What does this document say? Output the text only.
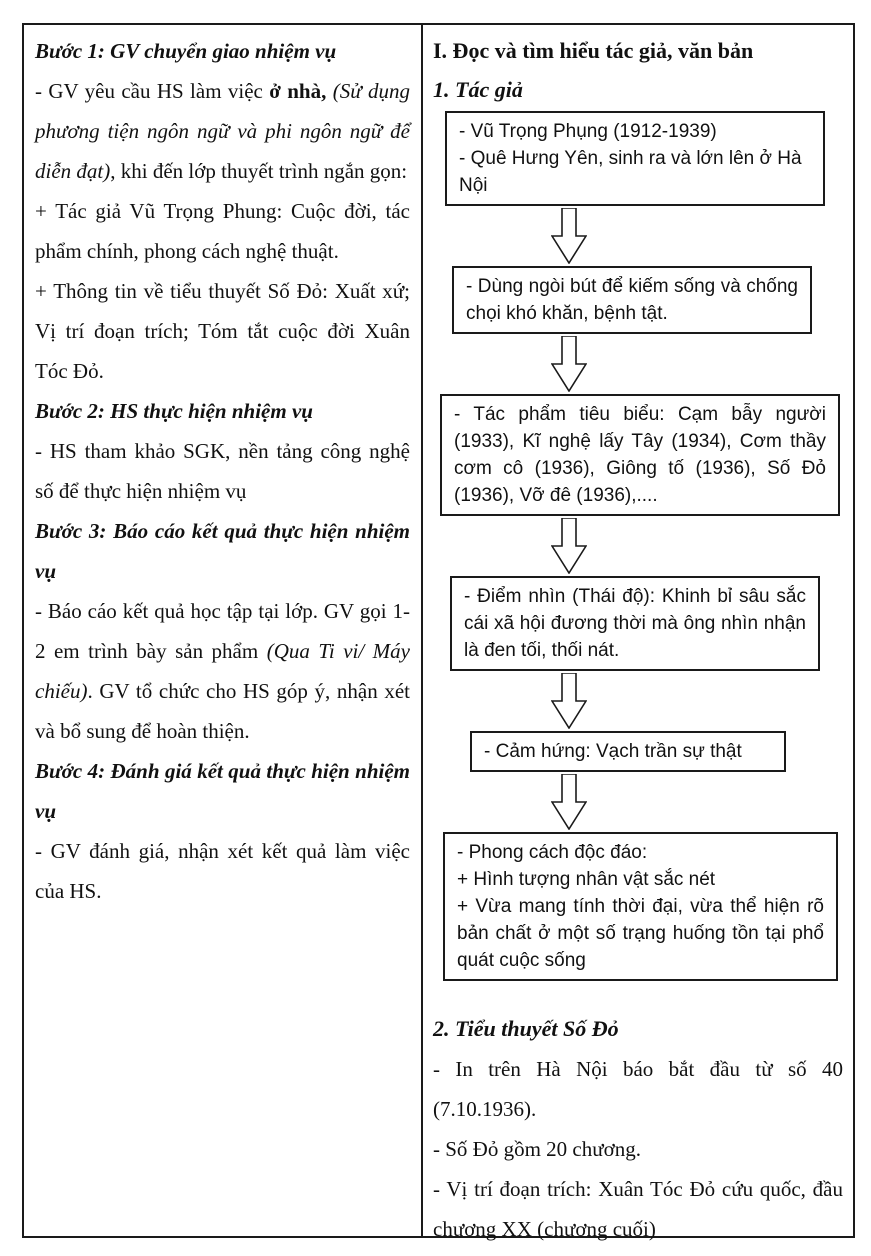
Bước 1: GV chuyển giao nhiệm vụ

- GV yêu cầu HS làm việc ở nhà, (Sử dụng phương tiện ngôn ngữ và phi ngôn ngữ để diễn đạt), khi đến lớp thuyết trình ngắn gọn:

+ Tác giả Vũ Trọng Phung: Cuộc đời, tác phẩm chính, phong cách nghệ thuật.

+ Thông tin về tiểu thuyết Số Đỏ: Xuất xứ; Vị trí đoạn trích; Tóm tắt cuộc đời Xuân Tóc Đỏ.

Bước 2: HS thực hiện nhiệm vụ

- HS tham khảo SGK, nền tảng công nghệ số để thực hiện nhiệm vụ

Bước 3: Báo cáo kết quả thực hiện nhiệm vụ

- Báo cáo kết quả học tập tại lớp. GV gọi 1-2 em trình bày sản phẩm (Qua Ti vi/ Máy chiếu). GV tổ chức cho HS góp ý, nhận xét và bổ sung để hoàn thiện.

Bước 4: Đánh giá kết quả thực hiện nhiệm vụ

- GV đánh giá, nhận xét kết quả làm việc của HS.

I. Đọc và tìm hiểu tác giả, văn bản
1. Tác giả
- Vũ Trọng Phụng (1912-1939)
- Quê Hưng Yên, sinh ra và lớn lên ở Hà Nội
- Dùng ngòi bút để kiếm sống và chống chọi khó khăn, bệnh tật.
- Tác phẩm tiêu biểu: Cạm bẫy người (1933), Kĩ nghệ lấy Tây (1934), Cơm thầy cơm cô (1936), Giông tố (1936), Số Đỏ (1936), Vỡ đê (1936),....
- Điểm nhìn (Thái độ): Khinh bỉ sâu sắc cái xã hội đương thời mà ông nhìn nhận là đen tối, thối nát.
- Cảm hứng: Vạch trần sự thật
- Phong cách độc đáo:
+ Hình tượng nhân vật sắc nét
+ Vừa mang tính thời đại, vừa thể hiện rõ bản chất ở một số trạng huống tồn tại phổ quát cuộc sống
2. Tiểu thuyết Số Đỏ

- In trên Hà Nội báo bắt đầu từ số 40 (7.10.1936).

- Số Đỏ gồm 20 chương.

- Vị trí đoạn trích: Xuân Tóc Đỏ cứu quốc, đầu chương XX (chương cuối)
